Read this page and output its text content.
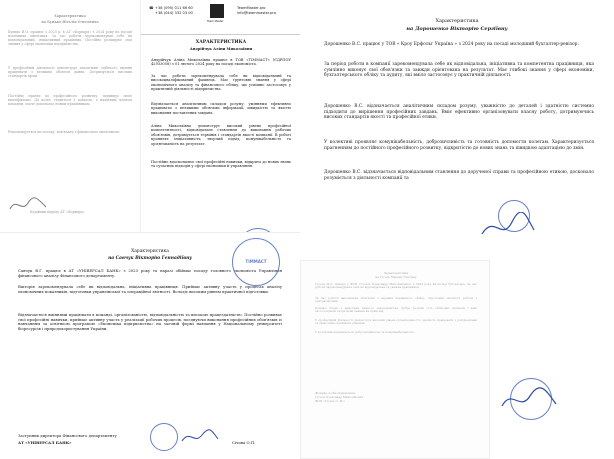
Характеристика

на Бунько Віталія Олеговича

Бунько В.О. працює з 2023 р. в АТ «Форвард» з 2024 року на посаді помічника аналітика. За час роботи зарекомендував себе як відповідальний, ініціативний працівник. Постійно розширює свої знання у сфері економіки підприємства.

У професійній діяльності демонструє аналітичні здібності, вміння працювати з великим обсягом даних. Дотримується високих стандартів праці.

Постійно прагне до професійного розвитку, підвищує свою кваліфікацію. До колег ставиться з повагою, є надійним членом команди, охоче допомагає новим працівникам.

Рекомендується на посаду, пов'язану з фінансовою аналітикою.

Керівник відділу АТ «Форвард»

☎ +38 (095) 011 66 60

+38 (044) 332 03 00

Team Master

TeamMaster.pro

info@teammaster.pro

ХАРАКТЕРИСТИКА

Андрійчук Аліни Миколаївни

Андрійчук Аліна Миколаївна працює в ТОВ «ТІММАСТ» (ЄДРПОУ 42933058) з 01 лютого 2024 року на посаді економіста.

За час роботи зарекомендувала себе як відповідальний та висококваліфікований фахівець. Має ґрунтовні знання у сфері економічного аналізу та фінансового обліку, що успішно застосовує у практичній діяльності підприємства.

Відзначається аналітичним складом розуму, уміннями ефективно працювати з великими обсягами інформації, швидкістю та якістю виконання поставлених завдань.

Аліна Миколаївна демонструє високий рівень професійної компетентності, відповідальне ставлення до виконання робочих обов'язків, дотримується термінів і стандартів якості компанії. В роботі проявляє ініціативність, творчий підхід, комунікабельність та орієнтованість на результат.

Постійно вдосконалює свої професійні навички, відкрита до нових знань та сучасних підходів у сфері економіки й управління.

Характеристика

на Дорошенко Вікторію Сергіївну

Дорошенко В.С. працює у ТОВ « Кроу Ерфольг Україна » з 2024 року на посаді молодший бухгалтер-ревізор.

За період роботи в компанії зарекомендувала себе як відповідальна, ініціативна та компетентна працівниця, яка сумлінно виконує свої обов'язки та завжди орієнтована на результат. Має глибокі знання у сфері економіки, бухгалтерського обліку та аудиту, які вміло застосовує у практичній діяльності.

Дорошенко В.С. відзначається аналітичним складом розуму, уважністю до деталей і здатністю системно підходити до вирішення професійних завдань. Вміє ефективно організовувати власну роботу, дотримуючись високих стандартів якості та професійної етики.

У колективі проявляє комунікабельність, доброзичливість та готовність допомогти колегам. Характеризується прагненням до постійного професійного розвитку, відкритістю до нових знань та швидкою адаптацією до змін.

Дорошенко В.С. відзначається відповідальним ставлення до дорученої справи та професійною етикою, досконало розуміється з діяльності компанії та

Характеристика

на Савчук Вікторію Геннадіївну

Савчук В.Г. працює в АТ «УНІВЕРСАЛ БАНК» з 2023 року та наразі обіймає посаду головного економіста Управління фінансового аналізу Фінансового департаменту.

Вікторія зарекомендувала себе як відповідальна, ініціативна працівниця. Приймає активну участь у процесах аналізу економічних показників, підготовки управлінської та операційної звітності. Володіє високим рівнем практичної підготовки.

Відзначається вміннями працювати в команді, організованістю, відповідальністю та високою працездатністю. Постійно розвиває свої професійні навички, приймає активну участь у реалізації робочих процесів, поєднуючи виконання професійних обов'язків із навчанням за освітньою програмою «Економіка підприємства» на заочній формі навчання у Національному університеті біоресурсів і природокористування України.

Заступник директора Фінансового департаменту

АТ «УНІВЕРСАЛ БАНК»	Січова О.П.

Характеристика

на Гусель Марину Олегівну

Гусель М.О. працює у ФОП «Гусель Олександр Миколайович» з 2024 року на посаді бухгалтера. За час роботи зарекомендувала себе як відповідальна та уважна працівниця.

За час роботи виконувала обов'язки з ведення первинного обліку, підготовки звітності, роботи з контрагентами.

Працює згідно з вимогами чинного законодавства. Добре розуміє суть облікових процесів і вміє застосовувати теоретичні знання на практиці.

У професійній діяльності демонструє високий рівень організованості, здатність працювати з документами та самостійно приймати рішення.

У колективі відзначається доброзичливістю та комунікабельністю.

Фізична особа-підприємець

Гусель Олександр Миколайович

ФОП «Гусель О. М.»

ТІММАСТ
